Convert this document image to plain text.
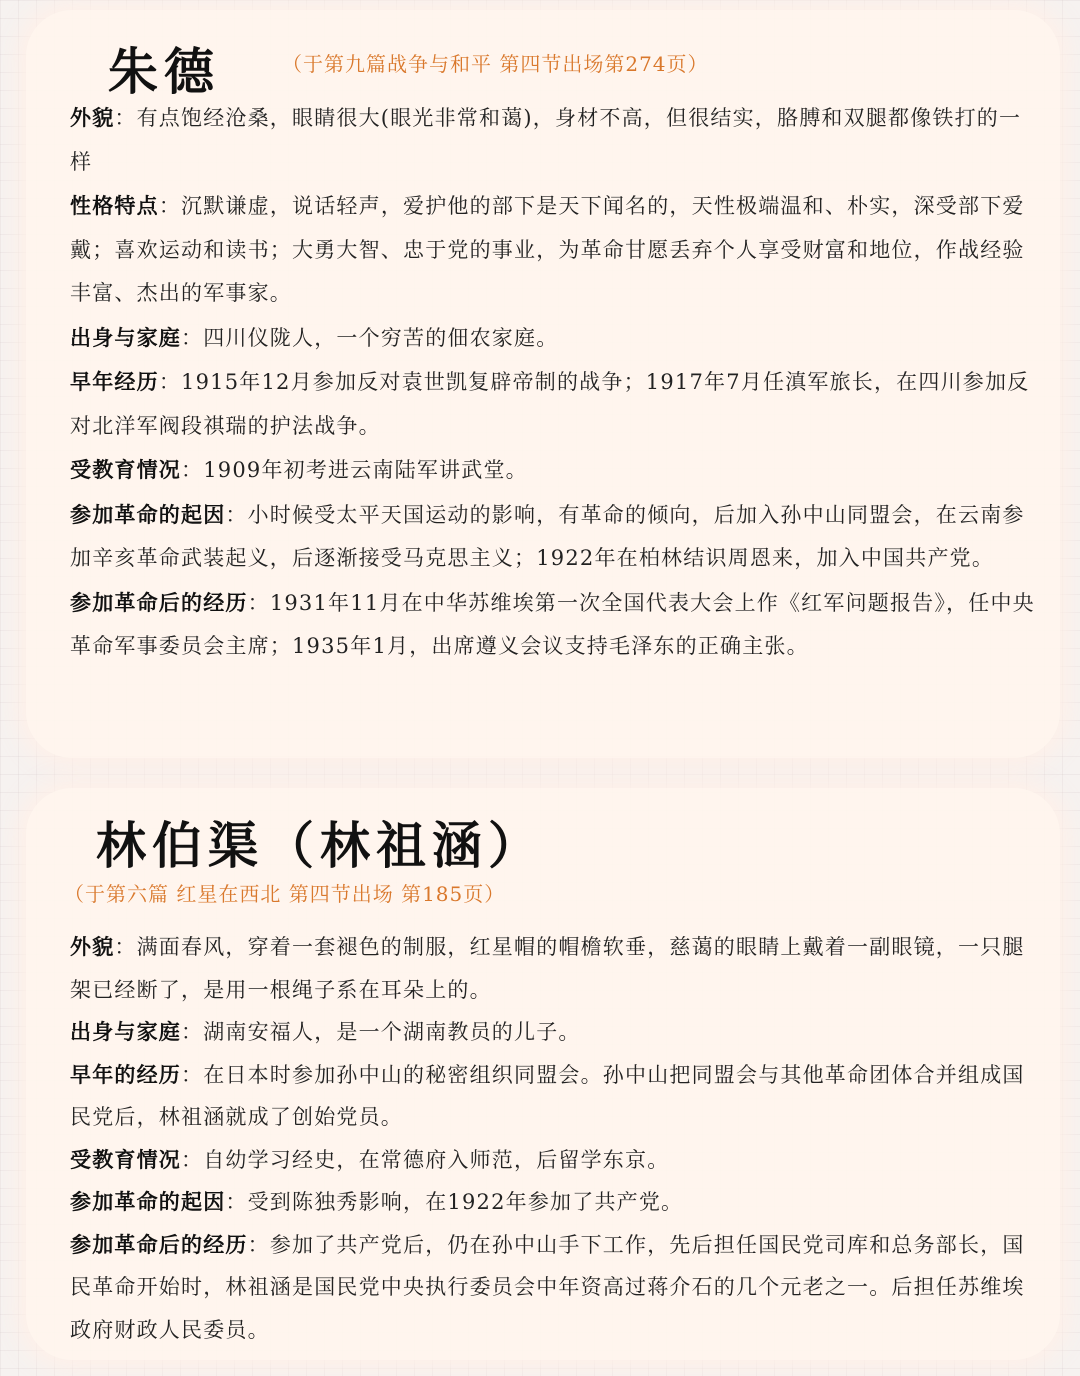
朱德	（于第九篇战争与和平 第四节出场第274页）

外貌：有点饱经沧桑，眼睛很大(眼光非常和蔼)，身材不高，但很结实，胳膊和双腿都像铁打的一样

性格特点：沉默谦虚，说话轻声，爱护他的部下是天下闻名的，天性极端温和、朴实，深受部下爱戴；喜欢运动和读书；大勇大智、忠于党的事业，为革命甘愿丢弃个人享受财富和地位，作战经验丰富、杰出的军事家。

出身与家庭：四川仪陇人，一个穷苦的佃农家庭。

早年经历：1915年12月参加反对袁世凯复辟帝制的战争；1917年7月任滇军旅长，在四川参加反对北洋军阀段祺瑞的护法战争。

受教育情况：1909年初考进云南陆军讲武堂。

参加革命的起因：小时候受太平天国运动的影响，有革命的倾向，后加入孙中山同盟会，在云南参加辛亥革命武装起义，后逐渐接受马克思主义；1922年在柏林结识周恩来，加入中国共产党。

参加革命后的经历：1931年11月在中华苏维埃第一次全国代表大会上作《红军问题报告》，任中央革命军事委员会主席；1935年1月，出席遵义会议支持毛泽东的正确主张。

林伯渠（林祖涵）
（于第六篇 红星在西北 第四节出场 第185页）

外貌：满面春风，穿着一套褪色的制服，红星帽的帽檐软垂，慈蔼的眼睛上戴着一副眼镜，一只腿架已经断了，是用一根绳子系在耳朵上的。

出身与家庭：湖南安福人，是一个湖南教员的儿子。

早年的经历：在日本时参加孙中山的秘密组织同盟会。孙中山把同盟会与其他革命团体合并组成国民党后，林祖涵就成了创始党员。

受教育情况：自幼学习经史，在常德府入师范，后留学东京。

参加革命的起因：受到陈独秀影响，在1922年参加了共产党。

参加革命后的经历：参加了共产党后，仍在孙中山手下工作，先后担任国民党司库和总务部长，国民革命开始时，林祖涵是国民党中央执行委员会中年资高过蒋介石的几个元老之一。后担任苏维埃政府财政人民委员。
